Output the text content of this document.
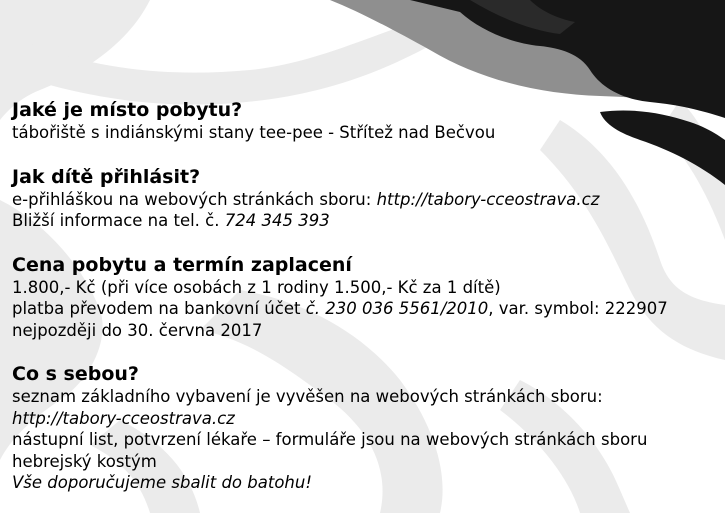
Jaké je místo pobytu?
tábořiště s indiánskými stany tee-pee - Střítež nad Bečvou
Jak dítě přihlásit?
e-přihláškou na webových stránkách sboru: http://tabory-cceostrava.cz
Bližší informace na tel. č. 724 345 393
Cena pobytu a termín zaplacení
1.800,- Kč (při více osobách z 1 rodiny 1.500,- Kč za 1 dítě)
platba převodem na bankovní účet č. 230 036 5561/2010, var. symbol: 222907
nejpozději do 30. června 2017
Co s sebou?
seznam základního vybavení je vyvěšen na webových stránkách sboru:
http://tabory-cceostrava.cz
nástupní list, potvrzení lékaře – formuláře jsou na webových stránkách sboru
hebrejský kostým
Vše doporučujeme sbalit do batohu!
